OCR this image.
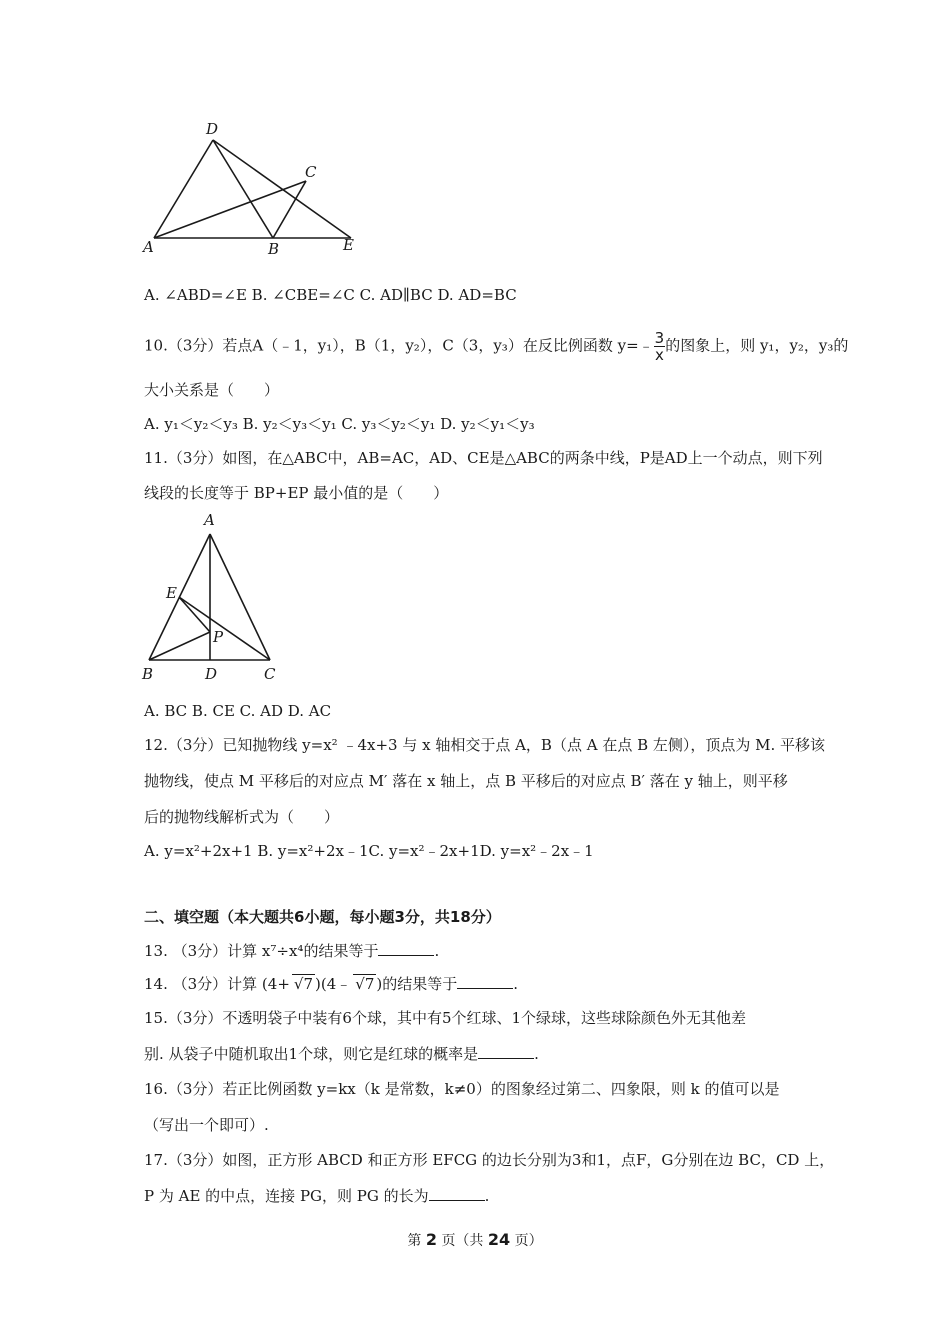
D
C
A	B	E
A. ∠ABD=∠E B. ∠CBE=∠C C. AD∥BC D. AD=BC
10.（3分）若点A（﹣1，y₁），B（1，y₂），C（3，y₃）在反比例函数 y=﹣ $\frac{3}{x}$ 的图象上，则 y₁，y₂，y₃的
大小关系是（　　）
A. y₁＜y₂＜y₃ B. y₂＜y₃＜y₁ C. y₃＜y₂＜y₁ D. y₂＜y₁＜y₃
11.（3分）如图，在△ABC中，AB=AC，AD、CE是△ABC的两条中线，P是AD上一个动点，则下列
线段的长度等于 BP+EP 最小值的是（　　）
A
E
P
B	D	C
A. BC B. CE C. AD D. AC
12.（3分）已知抛物线 y=x² ﹣4x+3 与 x 轴相交于点 A，B（点 A 在点 B 左侧），顶点为 M. 平移该
抛物线，使点 M 平移后的对应点 M′ 落在 x 轴上，点 B 平移后的对应点 B′ 落在 y 轴上，则平移
后的抛物线解析式为（　　）
A. y=x²+2x+1 B. y=x²+2x﹣1C. y=x²﹣2x+1D. y=x²﹣2x﹣1
二、填空题（本大题共6小题，每小题3分，共18分）
13. （3分）计算 x⁷÷x⁴的结果等于	.
14. （3分）计算 (4+ √7 )(4﹣ √7 )的结果等于	.
15.（3分）不透明袋子中装有6个球，其中有5个红球、1个绿球，这些球除颜色外无其他差
别. 从袋子中随机取出1个球，则它是红球的概率是	.
16.（3分）若正比例函数 y=kx（k 是常数，k≠0）的图象经过第二、四象限，则 k 的值可以是
（写出一个即可）.
17.（3分）如图，正方形 ABCD 和正方形 EFCG 的边长分别为3和1，点F，G分别在边 BC，CD 上，
P 为 AE 的中点，连接 PG，则 PG 的长为	.
第 2 页（共 24 页）
